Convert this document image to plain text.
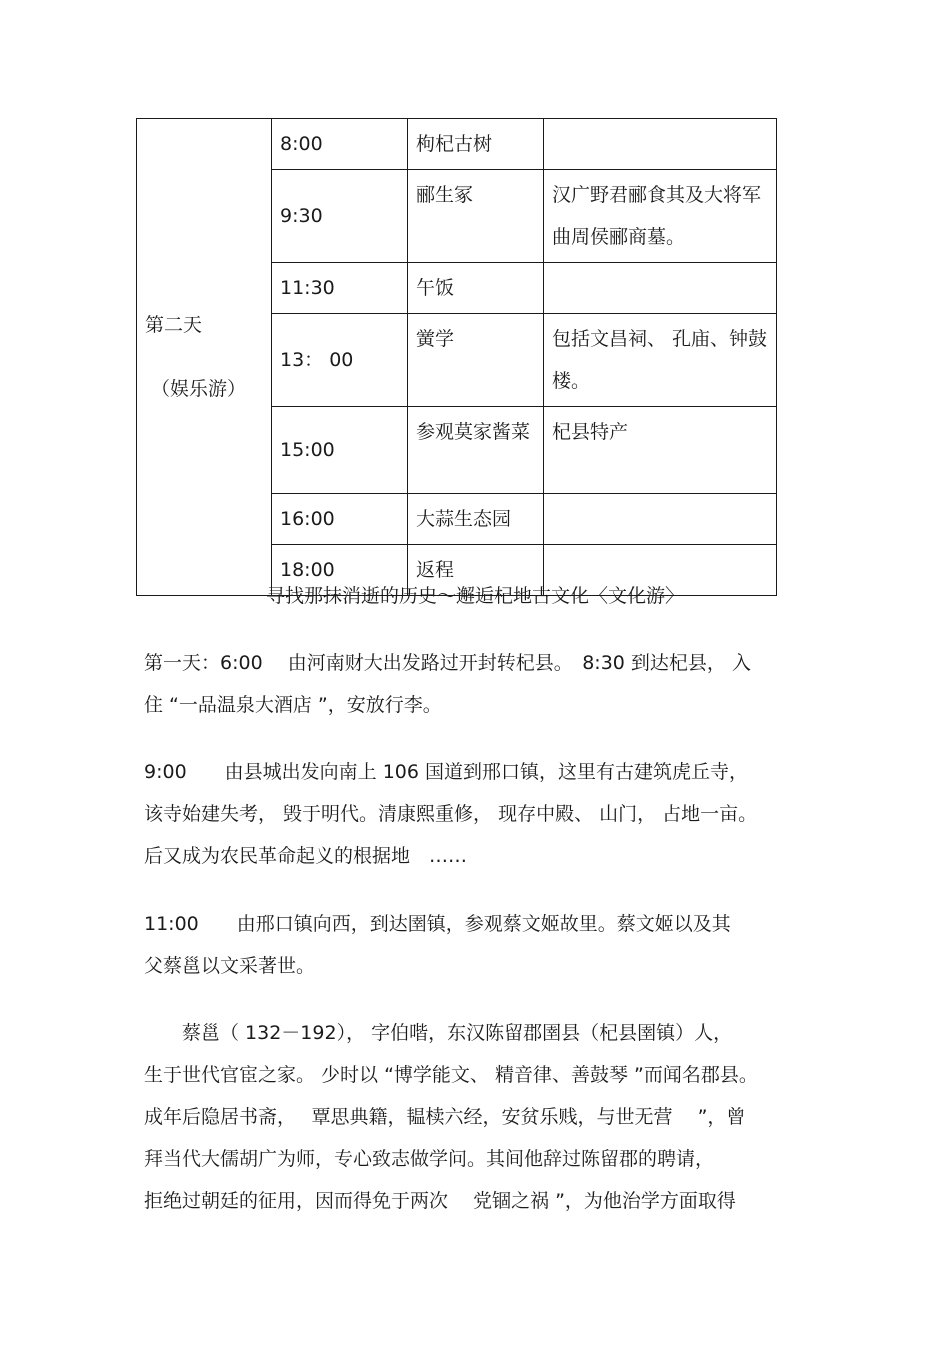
第二天
（娱乐游）	8:00	枸杞古树	
	9:30	郦生冢	汉广野君郦食其及大将军曲周侯郦商墓。
	11:30	午饭	
	13： 00	黉学	包括文昌祠、 孔庙、钟鼓楼。
	15:00	参观莫家酱菜	杞县特产
	16:00	大蒜生态园	
	18:00	返程	
寻找那抹消逝的历史～邂逅杞地古文化〈文化游〉

第一天：6:00　 由河南财大出发路过开封转杞县。　8:30 到达杞县， 入
住 “一品温泉大酒店 ”，安放行李。

9:00　　由县城出发向南上 106 国道到邢口镇，这里有古建筑虎丘寺，
该寺始建失考， 毁于明代。清康熙重修， 现存中殿、 山门， 占地一亩。
后又成为农民革命起义的根据地　……

11:00　　由邢口镇向西，到达圉镇，参观蔡文姬故里。蔡文姬以及其
父蔡邕以文采著世。

　　蔡邕（ 132－192）， 字伯喈，东汉陈留郡圉县（杞县圉镇）人，
生于世代官宦之家。 少时以 “博学能文、 精音律、善鼓琴 ”而闻名郡县。
成年后隐居书斋，　 覃思典籍，韫椟六经，安贫乐贱，与世无营　 ”，曾
拜当代大儒胡广为师，专心致志做学问。其间他辞过陈留郡的聘请，
拒绝过朝廷的征用，因而得免于两次　 党锢之祸 ”，为他治学方面取得
